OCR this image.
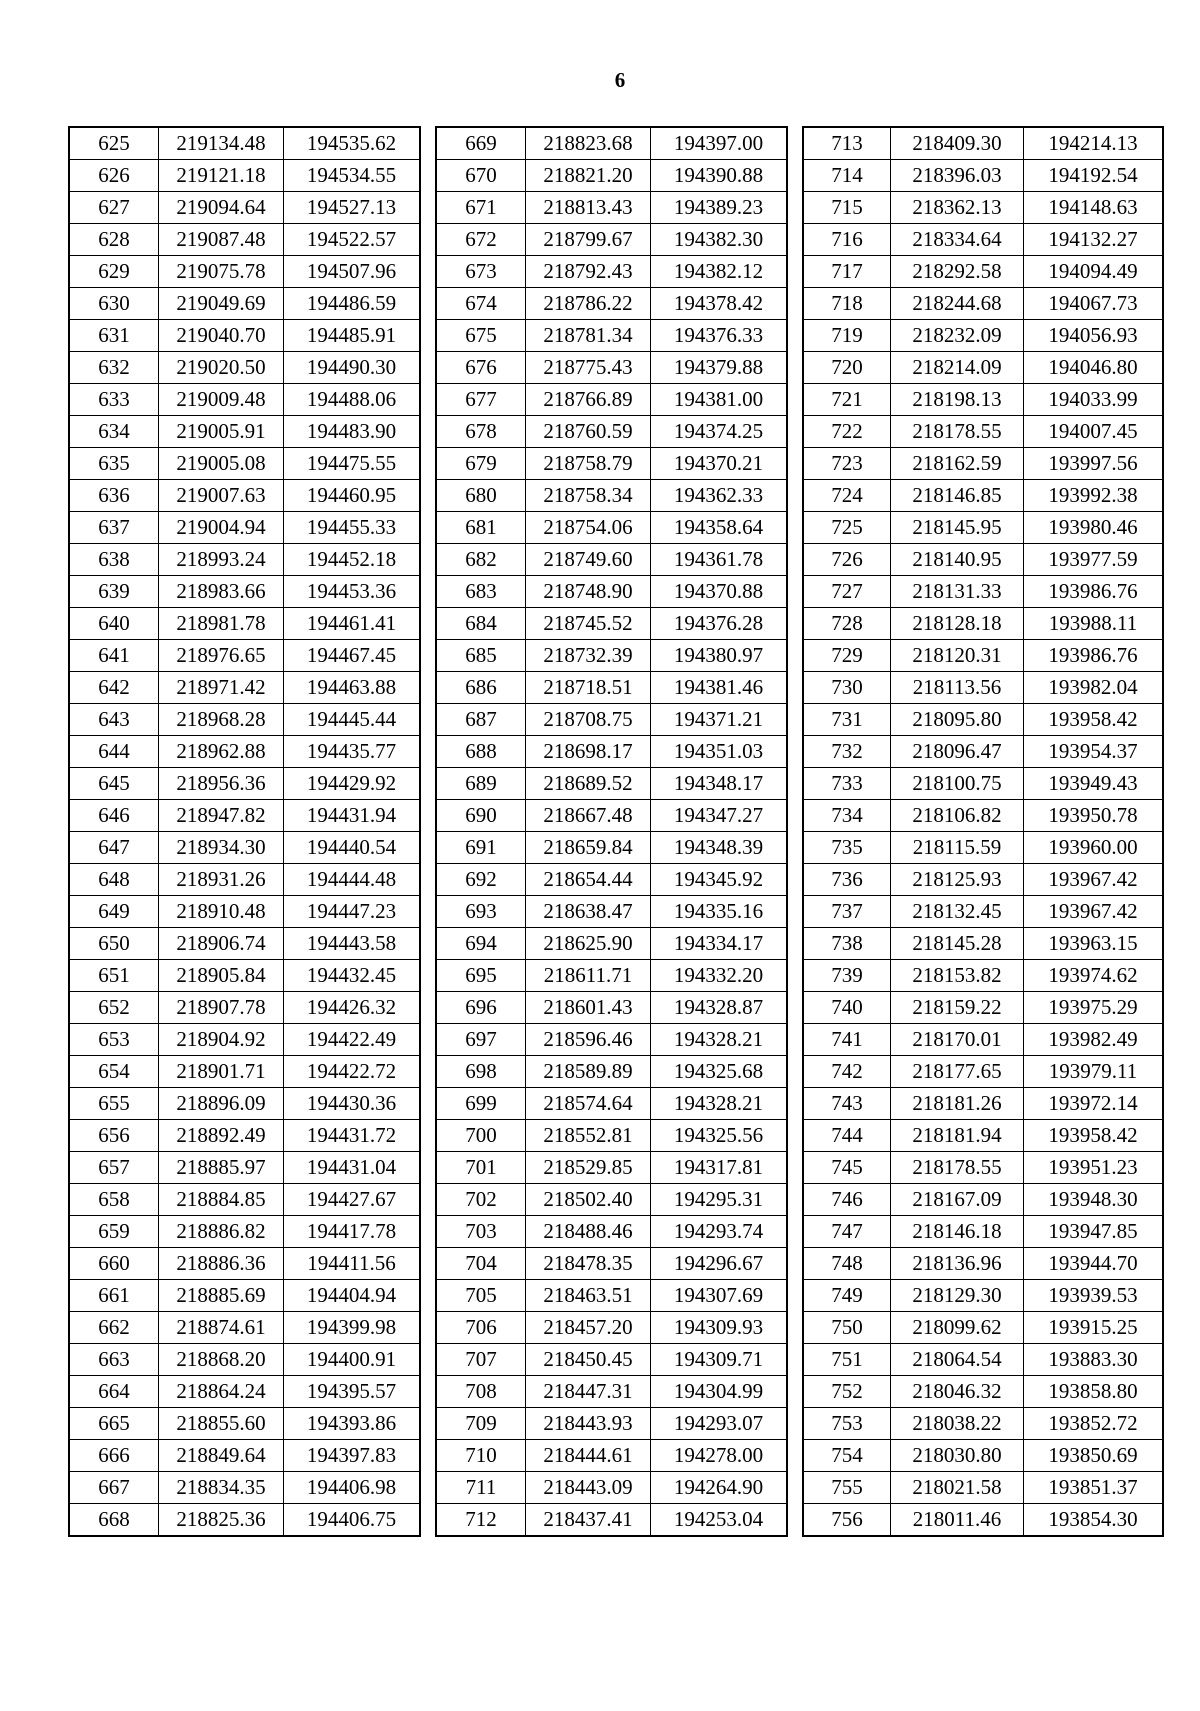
6
625	219134.48	194535.62
626	219121.18	194534.55
627	219094.64	194527.13
628	219087.48	194522.57
629	219075.78	194507.96
630	219049.69	194486.59
631	219040.70	194485.91
632	219020.50	194490.30
633	219009.48	194488.06
634	219005.91	194483.90
635	219005.08	194475.55
636	219007.63	194460.95
637	219004.94	194455.33
638	218993.24	194452.18
639	218983.66	194453.36
640	218981.78	194461.41
641	218976.65	194467.45
642	218971.42	194463.88
643	218968.28	194445.44
644	218962.88	194435.77
645	218956.36	194429.92
646	218947.82	194431.94
647	218934.30	194440.54
648	218931.26	194444.48
649	218910.48	194447.23
650	218906.74	194443.58
651	218905.84	194432.45
652	218907.78	194426.32
653	218904.92	194422.49
654	218901.71	194422.72
655	218896.09	194430.36
656	218892.49	194431.72
657	218885.97	194431.04
658	218884.85	194427.67
659	218886.82	194417.78
660	218886.36	194411.56
661	218885.69	194404.94
662	218874.61	194399.98
663	218868.20	194400.91
664	218864.24	194395.57
665	218855.60	194393.86
666	218849.64	194397.83
667	218834.35	194406.98
668	218825.36	194406.75
669	218823.68	194397.00
670	218821.20	194390.88
671	218813.43	194389.23
672	218799.67	194382.30
673	218792.43	194382.12
674	218786.22	194378.42
675	218781.34	194376.33
676	218775.43	194379.88
677	218766.89	194381.00
678	218760.59	194374.25
679	218758.79	194370.21
680	218758.34	194362.33
681	218754.06	194358.64
682	218749.60	194361.78
683	218748.90	194370.88
684	218745.52	194376.28
685	218732.39	194380.97
686	218718.51	194381.46
687	218708.75	194371.21
688	218698.17	194351.03
689	218689.52	194348.17
690	218667.48	194347.27
691	218659.84	194348.39
692	218654.44	194345.92
693	218638.47	194335.16
694	218625.90	194334.17
695	218611.71	194332.20
696	218601.43	194328.87
697	218596.46	194328.21
698	218589.89	194325.68
699	218574.64	194328.21
700	218552.81	194325.56
701	218529.85	194317.81
702	218502.40	194295.31
703	218488.46	194293.74
704	218478.35	194296.67
705	218463.51	194307.69
706	218457.20	194309.93
707	218450.45	194309.71
708	218447.31	194304.99
709	218443.93	194293.07
710	218444.61	194278.00
711	218443.09	194264.90
712	218437.41	194253.04
713	218409.30	194214.13
714	218396.03	194192.54
715	218362.13	194148.63
716	218334.64	194132.27
717	218292.58	194094.49
718	218244.68	194067.73
719	218232.09	194056.93
720	218214.09	194046.80
721	218198.13	194033.99
722	218178.55	194007.45
723	218162.59	193997.56
724	218146.85	193992.38
725	218145.95	193980.46
726	218140.95	193977.59
727	218131.33	193986.76
728	218128.18	193988.11
729	218120.31	193986.76
730	218113.56	193982.04
731	218095.80	193958.42
732	218096.47	193954.37
733	218100.75	193949.43
734	218106.82	193950.78
735	218115.59	193960.00
736	218125.93	193967.42
737	218132.45	193967.42
738	218145.28	193963.15
739	218153.82	193974.62
740	218159.22	193975.29
741	218170.01	193982.49
742	218177.65	193979.11
743	218181.26	193972.14
744	218181.94	193958.42
745	218178.55	193951.23
746	218167.09	193948.30
747	218146.18	193947.85
748	218136.96	193944.70
749	218129.30	193939.53
750	218099.62	193915.25
751	218064.54	193883.30
752	218046.32	193858.80
753	218038.22	193852.72
754	218030.80	193850.69
755	218021.58	193851.37
756	218011.46	193854.30
